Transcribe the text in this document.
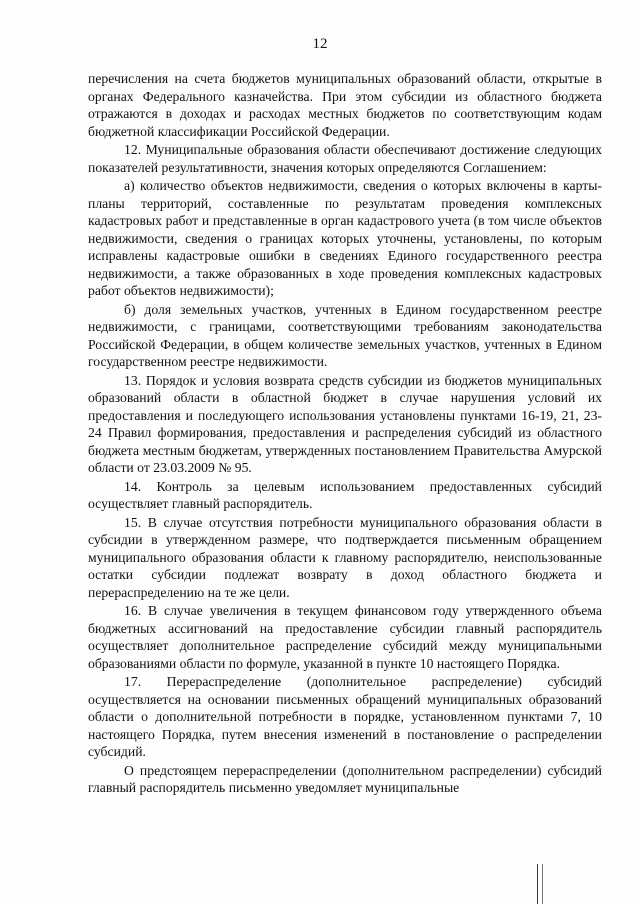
12

перечисления на счета бюджетов муниципальных образований области, открытые в органах Федерального казначейства. При этом субсидии из областного бюджета отражаются в доходах и расходах местных бюджетов по соответствующим кодам бюджетной классификации Российской Федерации.

12. Муниципальные образования области обеспечивают достижение следующих показателей результативности, значения которых определяются Соглашением:

а) количество объектов недвижимости, сведения о которых включены в карты-планы территорий, составленные по результатам проведения комплексных кадастровых работ и представленные в орган кадастрового учета (в том числе объектов недвижимости, сведения о границах которых уточнены, установлены, по которым исправлены кадастровые ошибки в сведениях Единого государственного реестра недвижимости, а также образованных в ходе проведения комплексных кадастровых работ объектов недвижимости);

б) доля земельных участков, учтенных в Едином государственном реестре недвижимости, с границами, соответствующими требованиям законодательства Российской Федерации, в общем количестве земельных участков, учтенных в Едином государственном реестре недвижимости.

13. Порядок и условия возврата средств субсидии из бюджетов муниципальных образований области в областной бюджет в случае нарушения условий их предоставления и последующего использования установлены пунктами 16-19, 21, 23-24 Правил формирования, предоставления и распределения субсидий из областного бюджета местным бюджетам, утвержденных постановлением Правительства Амурской области от 23.03.2009 № 95.

14. Контроль за целевым использованием предоставленных субсидий осуществляет главный распорядитель.

15. В случае отсутствия потребности муниципального образования области в субсидии в утвержденном размере, что подтверждается письменным обращением муниципального образования области к главному распорядителю, неиспользованные остатки субсидии подлежат возврату в доход областного бюджета и перераспределению на те же цели.

16. В случае увеличения в текущем финансовом году утвержденного объема бюджетных ассигнований на предоставление субсидии главный распорядитель осуществляет дополнительное распределение субсидий между муниципальными образованиями области по формуле, указанной в пункте 10 настоящего Порядка.

17. Перераспределение (дополнительное распределение) субсидий осуществляется на основании письменных обращений муниципальных образований области о дополнительной потребности в порядке, установленном пунктами 7, 10 настоящего Порядка, путем внесения изменений в постановление о распределении субсидий.

О предстоящем перераспределении (дополнительном распределении) субсидий главный распорядитель письменно уведомляет муниципальные
